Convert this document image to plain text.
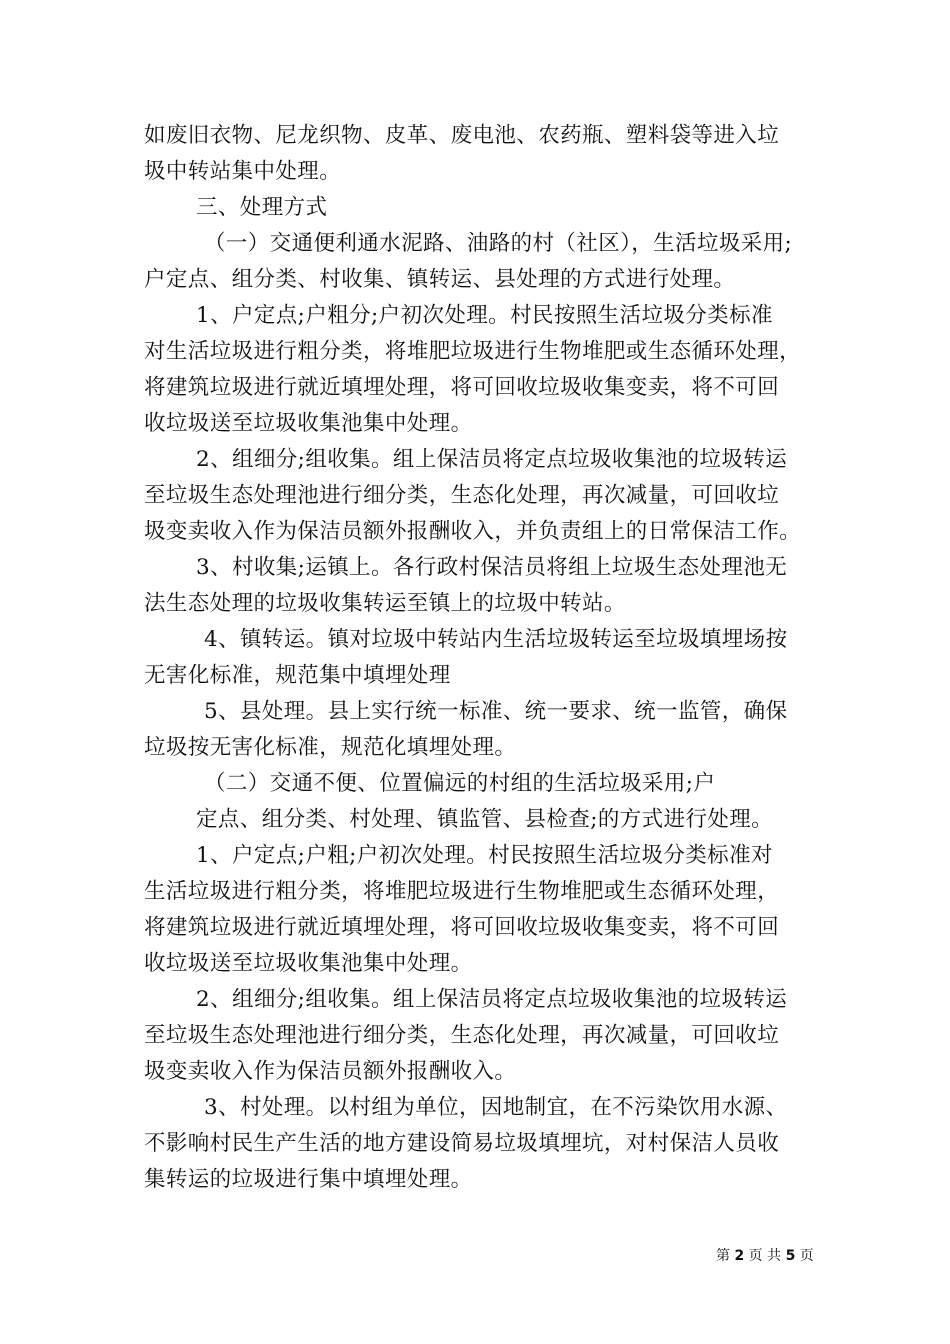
如废旧衣物、尼龙织物、皮革、废电池、农药瓶、塑料袋等进入垃
圾中转站集中处理。
三、处理方式
（一）交通便利通水泥路、油路的村（社区），生活垃圾采用;
户定点、组分类、村收集、镇转运、县处理的方式进行处理。
1、户定点;户粗分;户初次处理。村民按照生活垃圾分类标准
对生活垃圾进行粗分类，将堆肥垃圾进行生物堆肥或生态循环处理，
将建筑垃圾进行就近填埋处理，将可回收垃圾收集变卖，将不可回
收垃圾送至垃圾收集池集中处理。
2、组细分;组收集。组上保洁员将定点垃圾收集池的垃圾转运
至垃圾生态处理池进行细分类，生态化处理，再次减量，可回收垃
圾变卖收入作为保洁员额外报酬收入，并负责组上的日常保洁工作。
3、村收集;运镇上。各行政村保洁员将组上垃圾生态处理池无
法生态处理的垃圾收集转运至镇上的垃圾中转站。
4、镇转运。镇对垃圾中转站内生活垃圾转运至垃圾填埋场按
无害化标准，规范集中填埋处理
5、县处理。县上实行统一标准、统一要求、统一监管，确保
垃圾按无害化标准，规范化填埋处理。
（二）交通不便、位置偏远的村组的生活垃圾采用;户
定点、组分类、村处理、镇监管、县检查;的方式进行处理。
1、户定点;户粗;户初次处理。村民按照生活垃圾分类标准对
生活垃圾进行粗分类，将堆肥垃圾进行生物堆肥或生态循环处理，
将建筑垃圾进行就近填埋处理，将可回收垃圾收集变卖，将不可回
收垃圾送至垃圾收集池集中处理。
2、组细分;组收集。组上保洁员将定点垃圾收集池的垃圾转运
至垃圾生态处理池进行细分类，生态化处理，再次减量，可回收垃
圾变卖收入作为保洁员额外报酬收入。
3、村处理。以村组为单位，因地制宜，在不污染饮用水源、
不影响村民生产生活的地方建设简易垃圾填埋坑，对村保洁人员收
集转运的垃圾进行集中填埋处理。
第 2 页 共 5 页
